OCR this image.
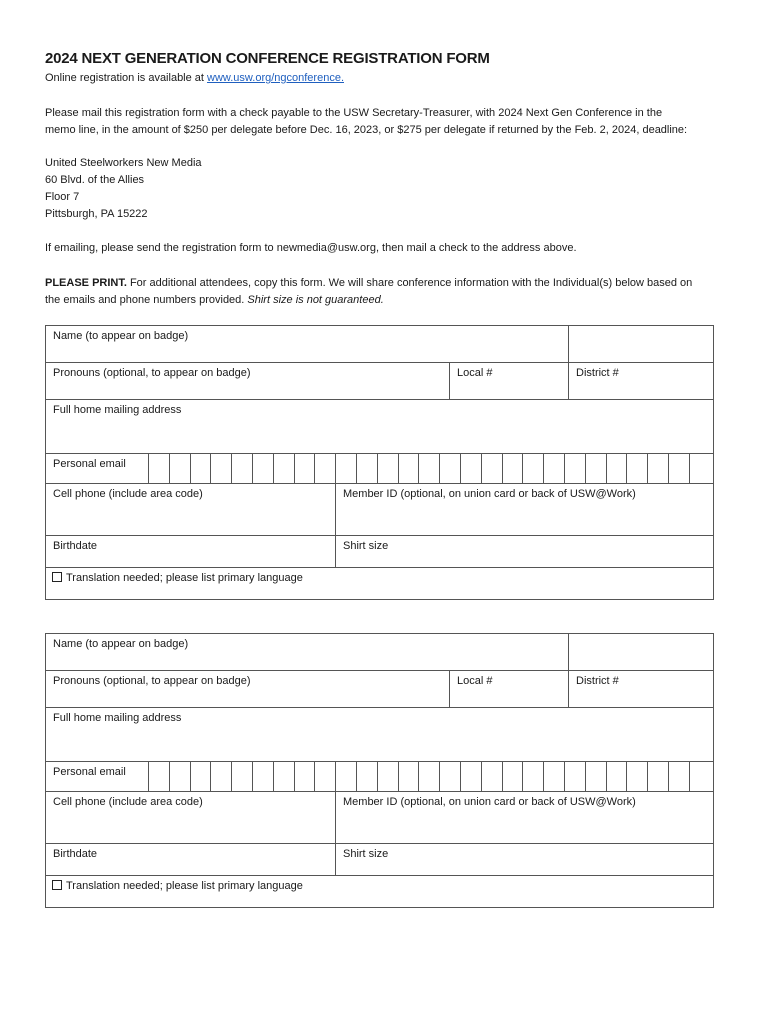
2024 NEXT GENERATION CONFERENCE REGISTRATION FORM
Online registration is available at www.usw.org/ngconference.
Please mail this registration form with a check payable to the USW Secretary-Treasurer, with 2024 Next Gen Conference in the
memo line, in the amount of $250 per delegate before Dec. 16, 2023, or $275 per delegate if returned by the Feb. 2, 2024, deadline:
United Steelworkers New Media
60 Blvd. of the Allies
Floor 7
Pittsburgh, PA 15222
If emailing, please send the registration form to newmedia@usw.org, then mail a check to the address above.
PLEASE PRINT. For additional attendees, copy this form. We will share conference information with the Individual(s) below based on
the emails and phone numbers provided. Shirt size is not guaranteed.
Name (to appear on badge)
Pronouns (optional, to appear on badge)	Local #	District #
Full home mailing address
Personal email
Cell phone (include area code)	Member ID (optional, on union card or back of USW@Work)
Birthdate	Shirt size
Translation needed; please list primary language
Name (to appear on badge)
Pronouns (optional, to appear on badge)	Local #	District #
Full home mailing address
Personal email
Cell phone (include area code)	Member ID (optional, on union card or back of USW@Work)
Birthdate	Shirt size
Translation needed; please list primary language
